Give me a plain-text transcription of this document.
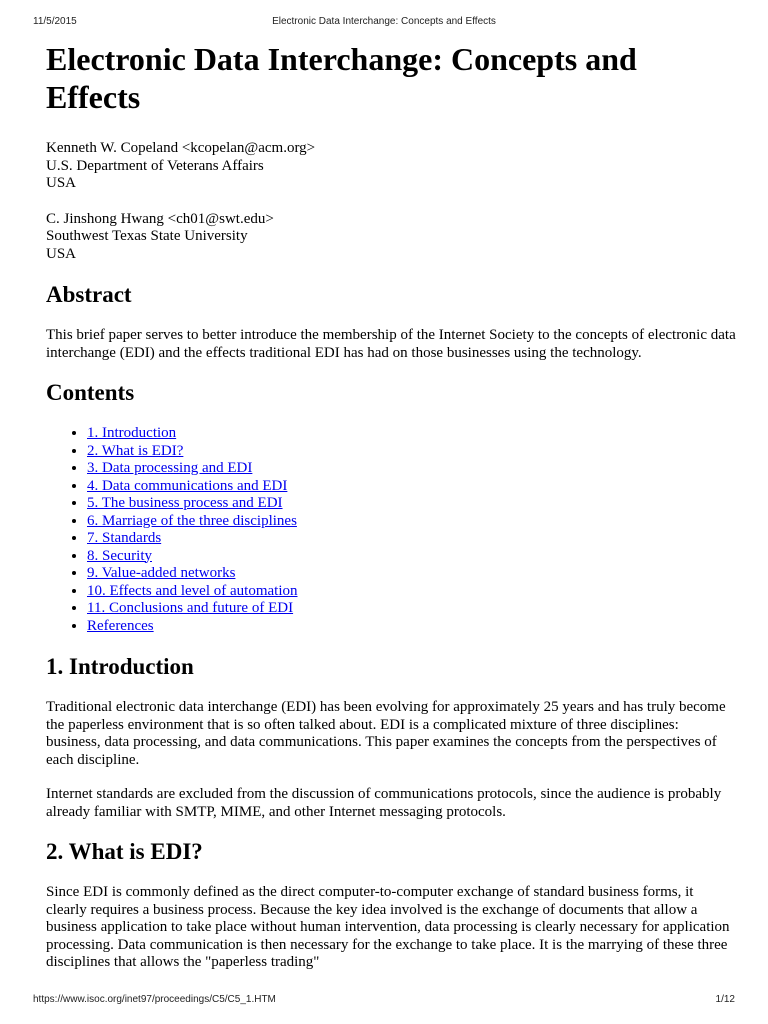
11/5/2015	Electronic Data Interchange: Concepts and Effects
Electronic Data Interchange: Concepts and Effects
Kenneth W. Copeland <kcopelan@acm.org>
U.S. Department of Veterans Affairs
USA
C. Jinshong Hwang <ch01@swt.edu>
Southwest Texas State University
USA
Abstract

This brief paper serves to better introduce the membership of the Internet Society to the concepts of electronic data interchange (EDI) and the effects traditional EDI has had on those businesses using the technology.

Contents
• 1. Introduction
• 2. What is EDI?
• 3. Data processing and EDI
• 4. Data communications and EDI
• 5. The business process and EDI
• 6. Marriage of the three disciplines
• 7. Standards
• 8. Security
• 9. Value-added networks
• 10. Effects and level of automation
• 11. Conclusions and future of EDI
• References
1. Introduction

Traditional electronic data interchange (EDI) has been evolving for approximately 25 years and has truly become the paperless environment that is so often talked about. EDI is a complicated mixture of three disciplines: business, data processing, and data communications. This paper examines the concepts from the perspectives of each discipline.

Internet standards are excluded from the discussion of communications protocols, since the audience is probably already familiar with SMTP, MIME, and other Internet messaging protocols.

2. What is EDI?

Since EDI is commonly defined as the direct computer-to-computer exchange of standard business forms, it clearly requires a business process. Because the key idea involved is the exchange of documents that allow a business application to take place without human intervention, data processing is clearly necessary for application processing. Data communication is then necessary for the exchange to take place. It is the marrying of these three disciplines that allows the "paperless trading"

https://www.isoc.org/inet97/proceedings/C5/C5_1.HTM	1/12
